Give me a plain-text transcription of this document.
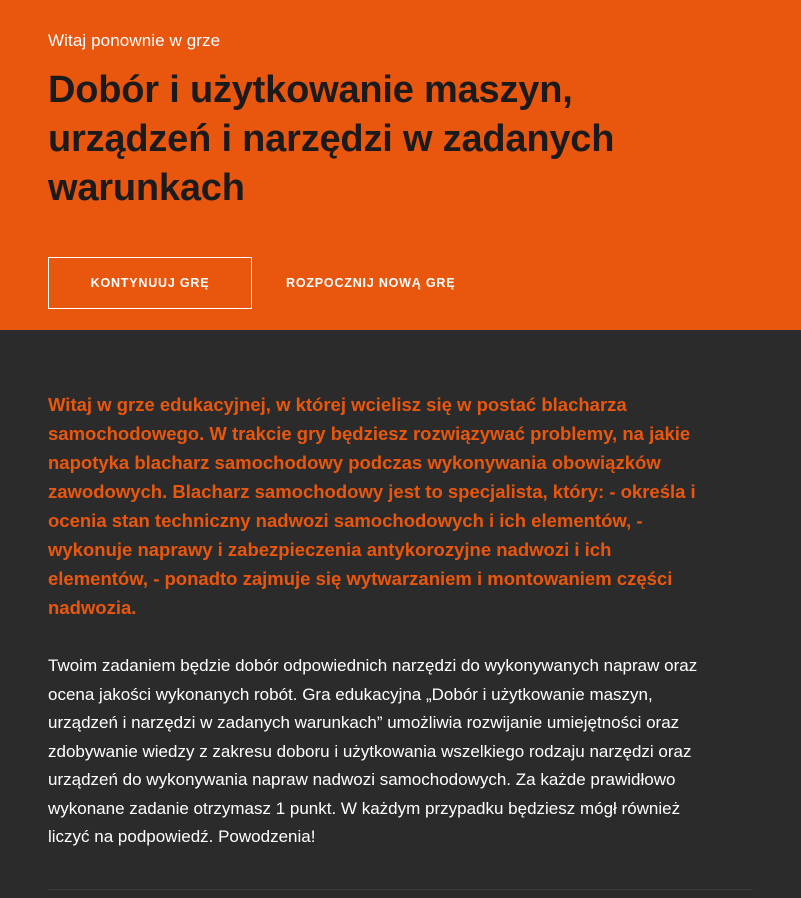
Witaj ponownie w grze

Dobór i użytkowanie maszyn, urządzeń i narzędzi w zadanych warunkach
KONTYNUUJ GRĘ	ROZPOCZNIJ NOWĄ GRĘ

Witaj w grze edukacyjnej, w której wcielisz się w postać blacharza samochodowego. W trakcie gry będziesz rozwiązywać problemy, na jakie napotyka blacharz samochodowy podczas wykonywania obowiązków zawodowych. Blacharz samochodowy jest to specjalista, który: - określa i ocenia stan techniczny nadwozi samochodowych i ich elementów, - wykonuje naprawy i zabezpieczenia antykorozyjne nadwozi i ich elementów, - ponadto zajmuje się wytwarzaniem i montowaniem części nadwozia.

Twoim zadaniem będzie dobór odpowiednich narzędzi do wykonywanych napraw oraz ocena jakości wykonanych robót. Gra edukacyjna „Dobór i użytkowanie maszyn, urządzeń i narzędzi w zadanych warunkach” umożliwia rozwijanie umiejętności oraz zdobywanie wiedzy z zakresu doboru i użytkowania wszelkiego rodzaju narzędzi oraz urządzeń do wykonywania napraw nadwozi samochodowych. Za każde prawidłowo wykonane zadanie otrzymasz 1 punkt. W każdym przypadku będziesz mógł również liczyć na podpowiedź. Powodzenia!
